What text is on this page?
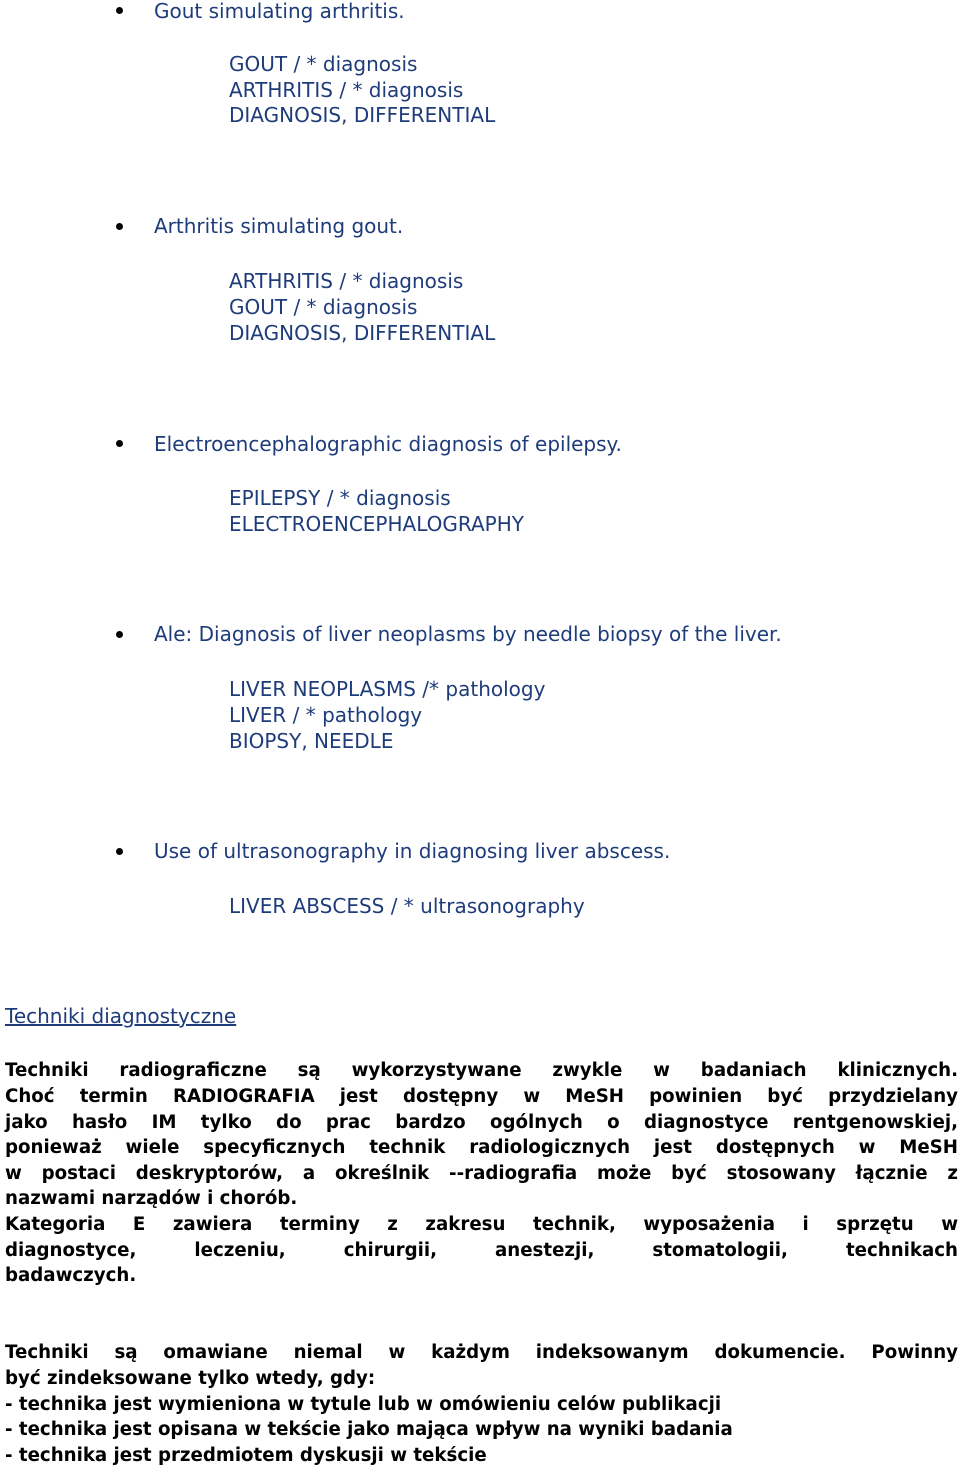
Gout simulating arthritis.
GOUT / * diagnosis
ARTHRITIS / * diagnosis
DIAGNOSIS, DIFFERENTIAL
Arthritis simulating gout.
ARTHRITIS / * diagnosis
GOUT / * diagnosis
DIAGNOSIS, DIFFERENTIAL
Electroencephalographic diagnosis of epilepsy.
EPILEPSY / * diagnosis
ELECTROENCEPHALOGRAPHY
Ale: Diagnosis of liver neoplasms by needle biopsy of the liver.
LIVER NEOPLASMS /* pathology
LIVER / * pathology
BIOPSY, NEEDLE
Use of ultrasonography in diagnosing liver abscess.
LIVER ABSCESS / * ultrasonography
Techniki diagnostyczne
Techniki radiograficzne są wykorzystywane zwykle w badaniach klinicznych.
Choć termin RADIOGRAFIA jest dostępny w MeSH powinien być przydzielany
jako hasło IM tylko do prac bardzo ogólnych o diagnostyce rentgenowskiej,
ponieważ wiele specyficznych technik radiologicznych jest dostępnych w MeSH
w postaci deskryptorów, a określnik --radiografia może być stosowany łącznie z
nazwami narządów i chorób.
Kategoria E zawiera terminy z zakresu technik, wyposażenia i sprzętu w
diagnostyce, leczeniu, chirurgii, anestezji, stomatologii, technikach
badawczych.
Techniki są omawiane niemal w każdym indeksowanym dokumencie. Powinny
być zindeksowane tylko wtedy, gdy:
- technika jest wymieniona w tytule lub w omówieniu celów publikacji
- technika jest opisana w tekście jako mająca wpływ na wyniki badania
- technika jest przedmiotem dyskusji w tekście
